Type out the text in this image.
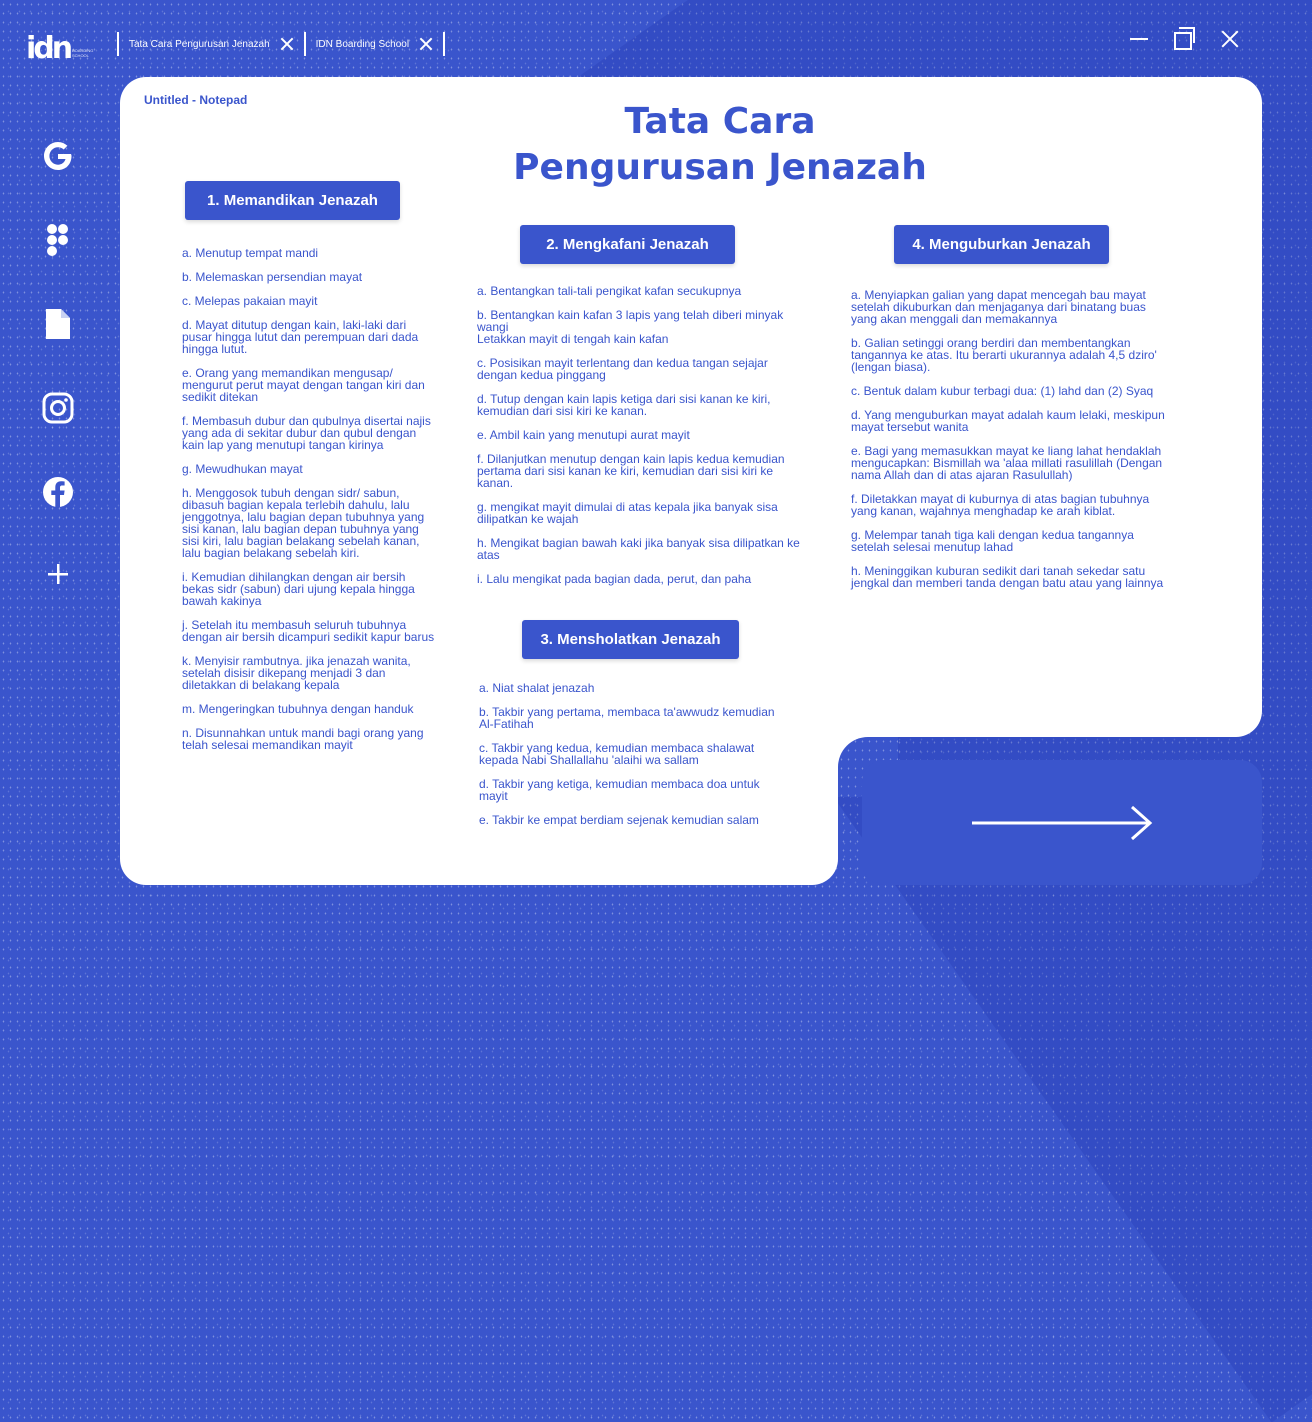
idn BOARDING SCHOOL
Tata Cara Pengurusan Jenazah	IDN Boarding School
Untitled - Notepad
Tata Cara
Pengurusan Jenazah
1. Memandikan Jenazah
a. Menutup tempat mandi
b. Melemaskan persendian mayat
c. Melepas pakaian mayit
d. Mayat ditutup dengan kain, laki-laki dari pusar hingga lutut dan perempuan dari dada hingga lutut.
e. Orang yang memandikan mengusap/ mengurut perut mayat dengan tangan kiri dan sedikit ditekan
f. Membasuh dubur dan qubulnya disertai najis yang ada di sekitar dubur dan qubul dengan kain lap yang menutupi tangan kirinya
g. Mewudhukan mayat
h. Menggosok tubuh dengan sidr/ sabun, dibasuh bagian kepala terlebih dahulu, lalu jenggotnya, lalu bagian depan tubuhnya yang sisi kanan, lalu bagian depan tubuhnya yang sisi kiri, lalu bagian belakang sebelah kanan, lalu bagian belakang sebelah kiri.
i. Kemudian dihilangkan dengan air bersih bekas sidr (sabun) dari ujung kepala hingga bawah kakinya
j. Setelah itu membasuh seluruh tubuhnya dengan air bersih dicampuri sedikit kapur barus
k. Menyisir rambutnya. jika jenazah wanita, setelah disisir dikepang menjadi 3 dan diletakkan di belakang kepala
m. Mengeringkan tubuhnya dengan handuk
n. Disunnahkan untuk mandi bagi orang yang telah selesai memandikan mayit
2. Mengkafani Jenazah
a. Bentangkan tali-tali pengikat kafan secukupnya
b. Bentangkan kain kafan 3 lapis yang telah diberi minyak wangi
Letakkan mayit di tengah kain kafan
c. Posisikan mayit terlentang dan kedua tangan sejajar dengan kedua pinggang
d. Tutup dengan kain lapis ketiga dari sisi kanan ke kiri, kemudian dari sisi kiri ke kanan.
e. Ambil kain yang menutupi aurat mayit
f. Dilanjutkan menutup dengan kain lapis kedua kemudian pertama dari sisi kanan ke kiri, kemudian dari sisi kiri ke kanan.
g. mengikat mayit dimulai di atas kepala jika banyak sisa dilipatkan ke wajah
h. Mengikat bagian bawah kaki jika banyak sisa dilipatkan ke atas
i. Lalu mengikat pada bagian dada, perut, dan paha
3. Mensholatkan Jenazah
a. Niat shalat jenazah
b. Takbir yang pertama, membaca ta'awwudz kemudian Al-Fatihah
c. Takbir yang kedua, kemudian membaca shalawat kepada Nabi Shallallahu 'alaihi wa sallam
d. Takbir yang ketiga, kemudian membaca doa untuk mayit
e. Takbir ke empat berdiam sejenak kemudian salam
4. Menguburkan Jenazah
a. Menyiapkan galian yang dapat mencegah bau mayat setelah dikuburkan dan menjaganya dari binatang buas yang akan menggali dan memakannya
b. Galian setinggi orang berdiri dan membentangkan tangannya ke atas. Itu berarti ukurannya adalah 4,5 dziro' (lengan biasa).
c. Bentuk dalam kubur terbagi dua: (1) lahd dan (2) Syaq
d. Yang menguburkan mayat adalah kaum lelaki, meskipun mayat tersebut wanita
e. Bagi yang memasukkan mayat ke liang lahat hendaklah mengucapkan: Bismillah wa 'alaa millati rasulillah (Dengan nama Allah dan di atas ajaran Rasulullah)
f. Diletakkan mayat di kuburnya di atas bagian tubuhnya yang kanan, wajahnya menghadap ke arah kiblat.
g. Melempar tanah tiga kali dengan kedua tangannya setelah selesai menutup lahad
h. Meninggikan kuburan sedikit dari tanah sekedar satu jengkal dan memberi tanda dengan batu atau yang lainnya
